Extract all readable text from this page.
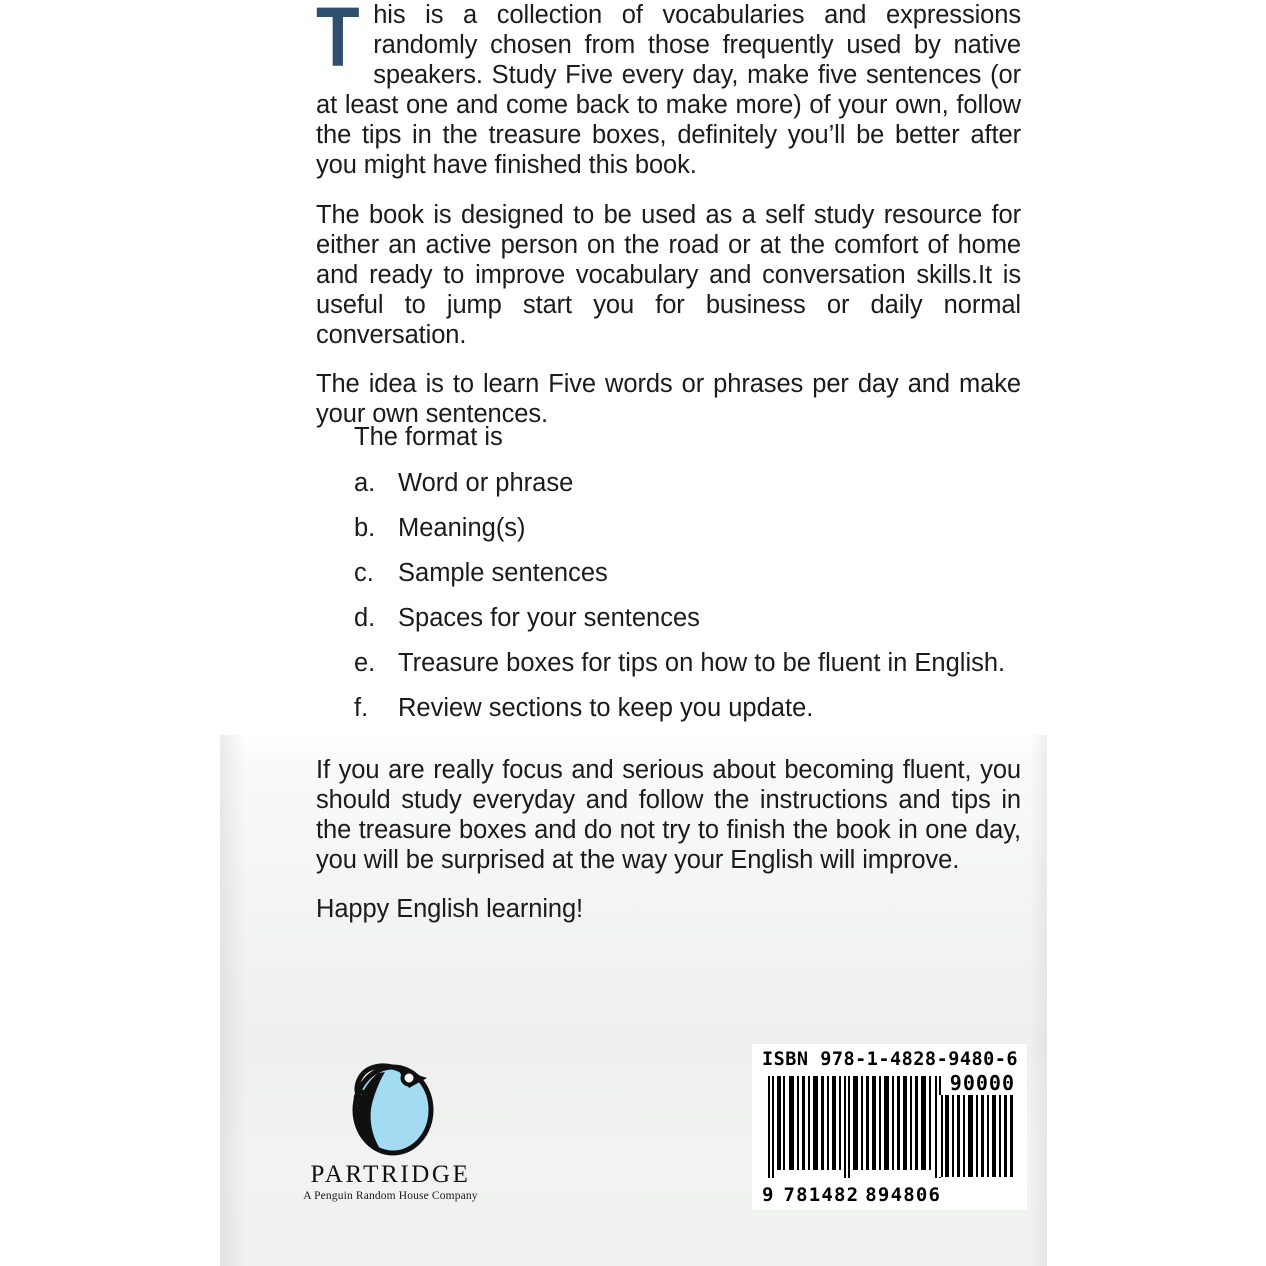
This is a collection of vocabularies and expressions randomly chosen from those frequently used by native speakers. Study Five every day, make five sentences (or at least one and come back to make more) of your own, follow the tips in the treasure boxes, definitely you’ll be better after you might have finished this book.

The book is designed to be used as a self study resource for either an active person on the road or at the comfort of home and ready to improve vocabulary and conversation skills.It is useful to jump start you for business or daily normal conversation.

The idea is to learn Five words or phrases per day and make your own sentences.

The format is
a. Word or phrase
b. Meaning(s)
c. Sample sentences
d. Spaces for your sentences
e. Treasure boxes for tips on how to be fluent in English.
f.	Review sections to keep you update.

If you are really focus and serious about becoming fluent, you should study everyday and follow the instructions and tips in the treasure boxes and do not try to finish the book in one day, you will be surprised at the way your English will improve.

Happy English learning!

PARTRIDGE
A Penguin Random House Company
ISBN 978-1-4828-9480-6
90000
9 781482 894806
